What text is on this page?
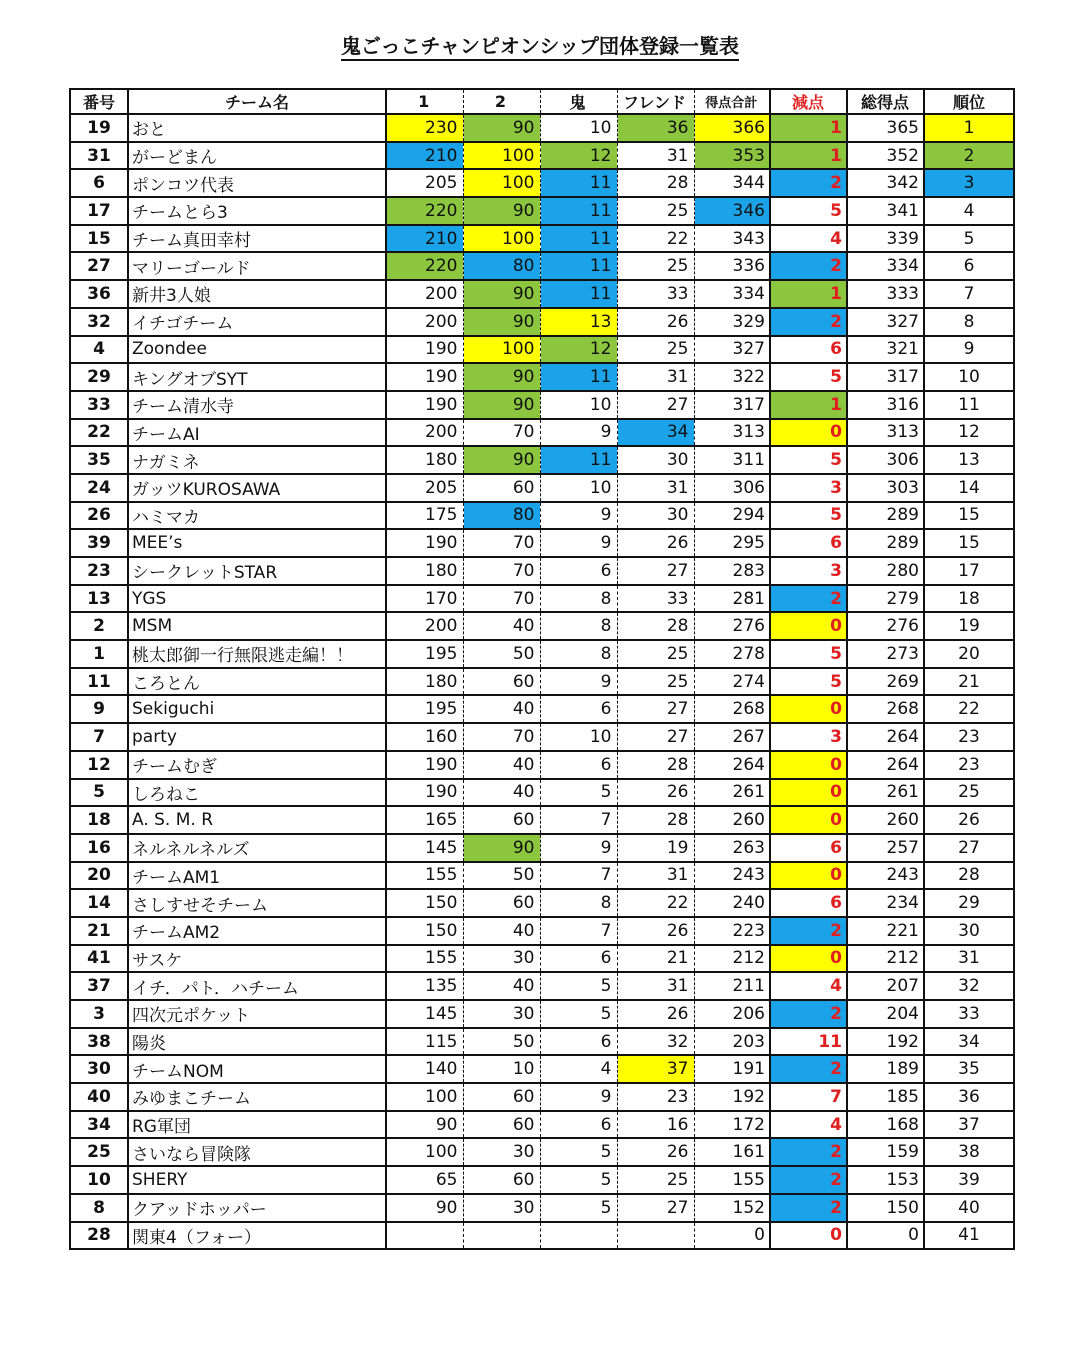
鬼ごっこチャンピオンシップ団体登録一覧表
番号	チーム名	1	2	鬼	フレンド	得点合計	減点	総得点	順位
19	おと	230	90	10	36	366	1	365	1
31	がーどまん	210	100	12	31	353	1	352	2
6	ポンコツ代表	205	100	11	28	344	2	342	3
17	チームとら3	220	90	11	25	346	5	341	4
15	チーム真田幸村	210	100	11	22	343	4	339	5
27	マリーゴールド	220	80	11	25	336	2	334	6
36	新井3人娘	200	90	11	33	334	1	333	7
32	イチゴチーム	200	90	13	26	329	2	327	8
4	Zoondee	190	100	12	25	327	6	321	9
29	キングオブSYT	190	90	11	31	322	5	317	10
33	チーム清水寺	190	90	10	27	317	1	316	11
22	チームAI	200	70	9	34	313	0	313	12
35	ナガミネ	180	90	11	30	311	5	306	13
24	ガッツKUROSAWA	205	60	10	31	306	3	303	14
26	ハミマカ	175	80	9	30	294	5	289	15
39	MEE’s	190	70	9	26	295	6	289	15
23	シークレットSTAR	180	70	6	27	283	3	280	17
13	YGS	170	70	8	33	281	2	279	18
2	MSM	200	40	8	28	276	0	276	19
1	桃太郎御一行無限逃走編！！	195	50	8	25	278	5	273	20
11	ころとん	180	60	9	25	274	5	269	21
9	Sekiguchi	195	40	6	27	268	0	268	22
7	party	160	70	10	27	267	3	264	23
12	チームむぎ	190	40	6	28	264	0	264	23
5	しろねこ	190	40	5	26	261	0	261	25
18	A. S. M. R	165	60	7	28	260	0	260	26
16	ネルネルネルズ	145	90	9	19	263	6	257	27
20	チームAM1	155	50	7	31	243	0	243	28
14	さしすせそチーム	150	60	8	22	240	6	234	29
21	チームAM2	150	40	7	26	223	2	221	30
41	サスケ	155	30	6	21	212	0	212	31
37	イチ．パト．ハチーム	135	40	5	31	211	4	207	32
3	四次元ポケット	145	30	5	26	206	2	204	33
38	陽炎	115	50	6	32	203	11	192	34
30	チームNOM	140	10	4	37	191	2	189	35
40	みゆまこチーム	100	60	9	23	192	7	185	36
34	RG軍団	90	60	6	16	172	4	168	37
25	さいなら冒険隊	100	30	5	26	161	2	159	38
10	SHERY	65	60	5	25	155	2	153	39
8	クアッドホッパー	90	30	5	27	152	2	150	40
28	関東4（フォー）					0	0	0	41
